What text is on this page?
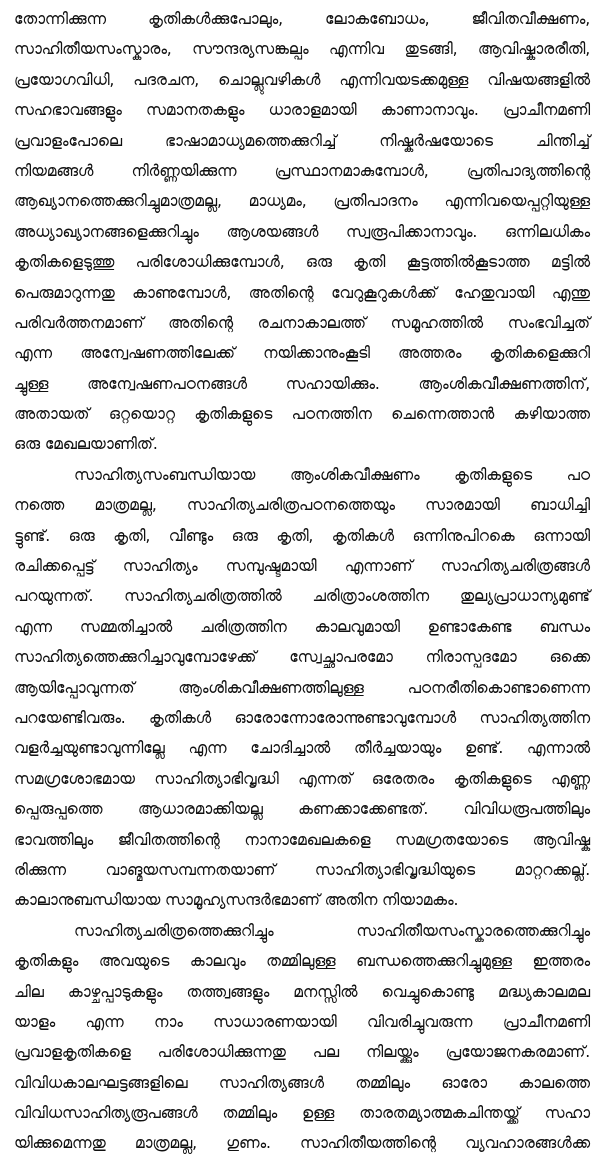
തോന്നിക്കുന്ന കൃതികൾക്കുപോലും, ലോകബോധം, ജീവിതവീക്ഷണം,
സാഹിതീയസംസ്കാരം, സൗന്ദര്യസങ്കല്പം എന്നിവ തുടങ്ങി, ആവിഷ്കാരരീതി,
പ്രയോഗവിധി, പദരചന, ചൊല്ലുവഴികൾ എന്നിവയടക്കമുള്ള വിഷയങ്ങളിൽ
സഹഭാവങ്ങളും സമാനതകളും ധാരാളമായി കാണാനാവും. പ്രാചീനമണി
പ്രവാളംപോലെ ഭാഷാമാധ്യമത്തെക്കുറിച്ച് നിഷ്കർഷയോടെ ചിന്തിച്ച്
നിയമങ്ങൾ നിർണ്ണയിക്കുന്ന പ്രസ്ഥാനമാകുമ്പോൾ, പ്രതിപാദ്യത്തിന്റെ
ആഖ്യാനത്തെക്കുറിച്ചുമാത്രമല്ല, മാധ്യമം, പ്രതിപാദനം എന്നിവയെപ്പറ്റിയുള്ള
അധ്യാഖ്യാനങ്ങളെക്കുറിച്ചും ആശയങ്ങൾ സ്വരൂപിക്കാനാവും. ഒന്നിലധികം
കൃതികളെടുത്തു പരിശോധിക്കുമ്പോൾ, ഒരു കൃതി കൂട്ടത്തിൽകൂടാത്ത മട്ടിൽ
പെരുമാറുന്നതു കാണുമ്പോൾ, അതിന്റെ വേറുകൂറുകൾക്ക് ഹേതുവായി എന്തു
പരിവർത്തനമാണ് അതിന്റെ രചനാകാലത്ത് സമൂഹത്തിൽ സംഭവിച്ചത്
എന്ന അന്വേഷണത്തിലേക്ക് നയിക്കാനുംകൂടി അത്തരം കൃതികളെക്കുറി
ച്ചുള്ള അന്വേഷണപഠനങ്ങൾ സഹായിക്കും. ആംശികവീക്ഷണത്തിന്,
അതായത് ഒറ്റയൊറ്റ കൃതികളുടെ പഠനത്തിന ചെന്നെത്താൻ കഴിയാത്ത
ഒരു മേഖലയാണിത്.
സാഹിത്യസംബന്ധിയായ ആംശികവീക്ഷണം കൃതികളുടെ പഠ
നത്തെ മാത്രമല്ല, സാഹിത്യചരിത്രപഠനത്തെയും സാരമായി ബാധിച്ചി
ട്ടുണ്ട്. ഒരു കൃതി, വീണ്ടും ഒരു കൃതി, കൃതികൾ ഒന്നിനുപിറകെ ഒന്നായി
രചിക്കപ്പെട്ട് സാഹിത്യം സമ്പുഷ്ടമായി എന്നാണ് സാഹിത്യചരിത്രങ്ങൾ
പറയുന്നത്. സാഹിത്യചരിത്രത്തിൽ ചരിത്രാംശത്തിന തുല്യപ്രാധാന്യമുണ്ട്
എന്ന സമ്മതിച്ചാൽ ചരിത്രത്തിന കാലവുമായി ഉണ്ടാകേണ്ട ബന്ധം
സാഹിത്യത്തെക്കുറിച്ചാവുമ്പോഴേക്ക് സ്വേച്ഛാപരമോ നിരാസ്പദമോ ഒക്കെ
ആയിപ്പോവുന്നത് ആംശികവീക്ഷണത്തിലുള്ള പഠനരീതികൊണ്ടാണെന്ന
പറയേണ്ടിവരും. കൃതികൾ ഓരോന്നോരോന്നുണ്ടാവുമ്പോൾ സാഹിത്യത്തിന
വളർച്ചയുണ്ടാവുന്നില്ലേ എന്ന ചോദിച്ചാൽ തീർച്ചയായും ഉണ്ട്. എന്നാൽ
സമഗ്രശോഭമായ സാഹിത്യാഭിവൃദ്ധി എന്നത് ഒരേതരം കൃതികളുടെ എണ്ണ
പ്പെരുപ്പത്തെ ആധാരമാക്കിയല്ല കണക്കാക്കേണ്ടത്. വിവിധരൂപത്തിലും
ഭാവത്തിലും ജീവിതത്തിന്റെ നാനാമേഖലകളെ സമഗ്രതയോടെ ആവിഷ്ക
രിക്കുന്ന വാങ്മയസമ്പന്നതയാണ് സാഹിത്യാഭിവൃദ്ധിയുടെ മാറ്ററക്കല്ല്.
കാലാനുബന്ധിയായ സാമൂഹ്യസന്ദർഭമാണ് അതിന നിയാമകം.
സാഹിത്യചരിത്രത്തെക്കുറിച്ചും സാഹിതീയസംസ്കാരത്തെക്കുറിച്ചും
കൃതികളും അവയുടെ കാലവും തമ്മിലുള്ള ബന്ധത്തെക്കുറിച്ചുമുള്ള ഇത്തരം
ചില കാഴ്ചപ്പാടുകളും തത്ത്വങ്ങളും മനസ്സിൽ വെച്ചുകൊണ്ടു മദ്ധ്യകാലമല
യാളം എന്ന നാം സാധാരണയായി വിവരിച്ചുവരുന്ന പ്രാചീനമണി
പ്രവാളകൃതികളെ പരിശോധിക്കുന്നതു പല നിലയ്ക്കും പ്രയോജനകരമാണ്.
വിവിധകാലഘട്ടങ്ങളിലെ സാഹിത്യങ്ങൾ തമ്മിലും ഓരോ കാലത്തെ
വിവിധസാഹിത്യരൂപങ്ങൾ തമ്മിലും ഉള്ള താരതമ്യാത്മകചിന്തയ്ക്ക് സഹാ
യിക്കുമെന്നതു മാത്രമല്ല, ഗുണം. സാഹിതീയത്തിന്റെ വ്യവഹാരങ്ങൾക്ക
